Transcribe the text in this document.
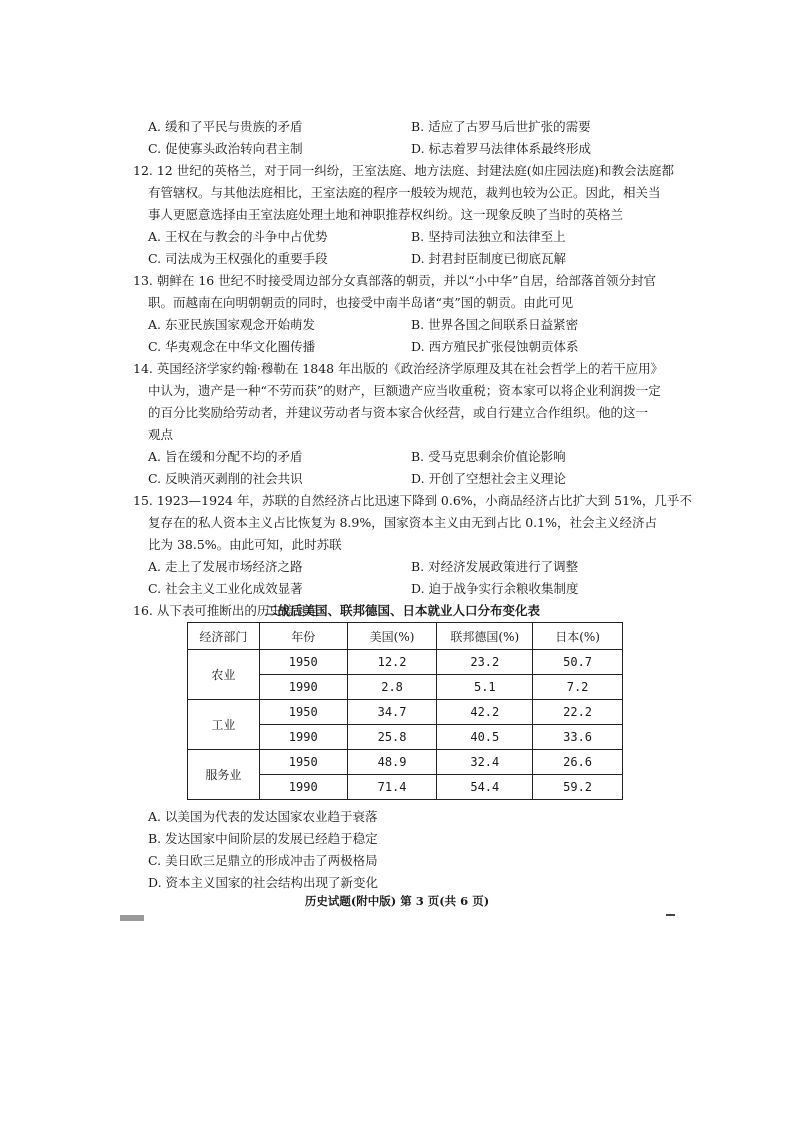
A. 缓和了平民与贵族的矛盾	B. 适应了古罗马后世扩张的需要
C. 促使寡头政治转向君主制	D. 标志着罗马法律体系最终形成
12. 12 世纪的英格兰，对于同一纠纷，王室法庭、地方法庭、封建法庭(如庄园法庭)和教会法庭都
有管辖权。与其他法庭相比，王室法庭的程序一般较为规范，裁判也较为公正。因此，相关当
事人更愿意选择由王室法庭处理土地和神职推荐权纠纷。这一现象反映了当时的英格兰
A. 王权在与教会的斗争中占优势	B. 坚持司法独立和法律至上
C. 司法成为王权强化的重要手段	D. 封君封臣制度已彻底瓦解
13. 朝鲜在 16 世纪不时接受周边部分女真部落的朝贡，并以“小中华”自居，给部落首领分封官
职。而越南在向明朝朝贡的同时，也接受中南半岛诸“夷”国的朝贡。由此可见
A. 东亚民族国家观念开始萌发	B. 世界各国之间联系日益紧密
C. 华夷观念在中华文化圈传播	D. 西方殖民扩张侵蚀朝贡体系
14. 英国经济学家约翰·穆勒在 1848 年出版的《政治经济学原理及其在社会哲学上的若干应用》
中认为，遗产是一种“不劳而获”的财产，巨额遗产应当收重税；资本家可以将企业利润拨一定
的百分比奖励给劳动者，并建议劳动者与资本家合伙经营，或自行建立合作组织。他的这一
观点
A. 旨在缓和分配不均的矛盾	B. 受马克思剩余价值论影响
C. 反映消灭剥削的社会共识	D. 开创了空想社会主义理论
15. 1923—1924 年，苏联的自然经济占比迅速下降到 0.6%，小商品经济占比扩大到 51%，几乎不
复存在的私人资本主义占比恢复为 8.9%，国家资本主义由无到占比 0.1%，社会主义经济占
比为 38.5%。由此可知，此时苏联
A. 走上了发展市场经济之路	B. 对经济发展政策进行了调整
C. 社会主义工业化成效显著	D. 迫于战争实行余粮收集制度
16. 从下表可推断出的历史信息是
二战后美国、联邦德国、日本就业人口分布变化表
经济部门	年份	美国(%)	联邦德国(%)	日本(%)
农业	1950	12.2	23.2	50.7
	1990	2.8	5.1	7.2
工业	1950	34.7	42.2	22.2
	1990	25.8	40.5	33.6
服务业	1950	48.9	32.4	26.6
	1990	71.4	54.4	59.2
A. 以美国为代表的发达国家农业趋于衰落
B. 发达国家中间阶层的发展已经趋于稳定
C. 美日欧三足鼎立的形成冲击了两极格局
D. 资本主义国家的社会结构出现了新变化
历史试题(附中版) 第 3 页(共 6 页)
